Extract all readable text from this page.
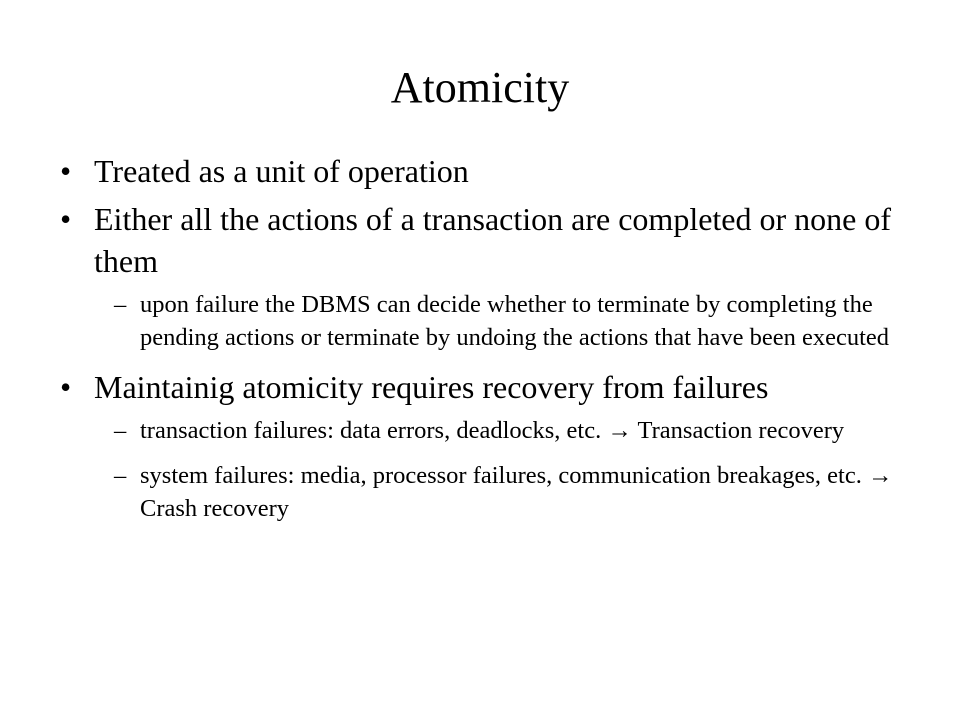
Atomicity
• Treated as a unit of operation
• Either all the actions of a transaction are completed or none of them
– upon failure the DBMS can decide whether to terminate by completing the pending actions or terminate by undoing the actions that have been executed
• Maintainig atomicity requires recovery from failures
– transaction failures: data errors, deadlocks, etc. → Transaction recovery
– system failures: media, processor failures, communication breakages, etc. → Crash recovery
